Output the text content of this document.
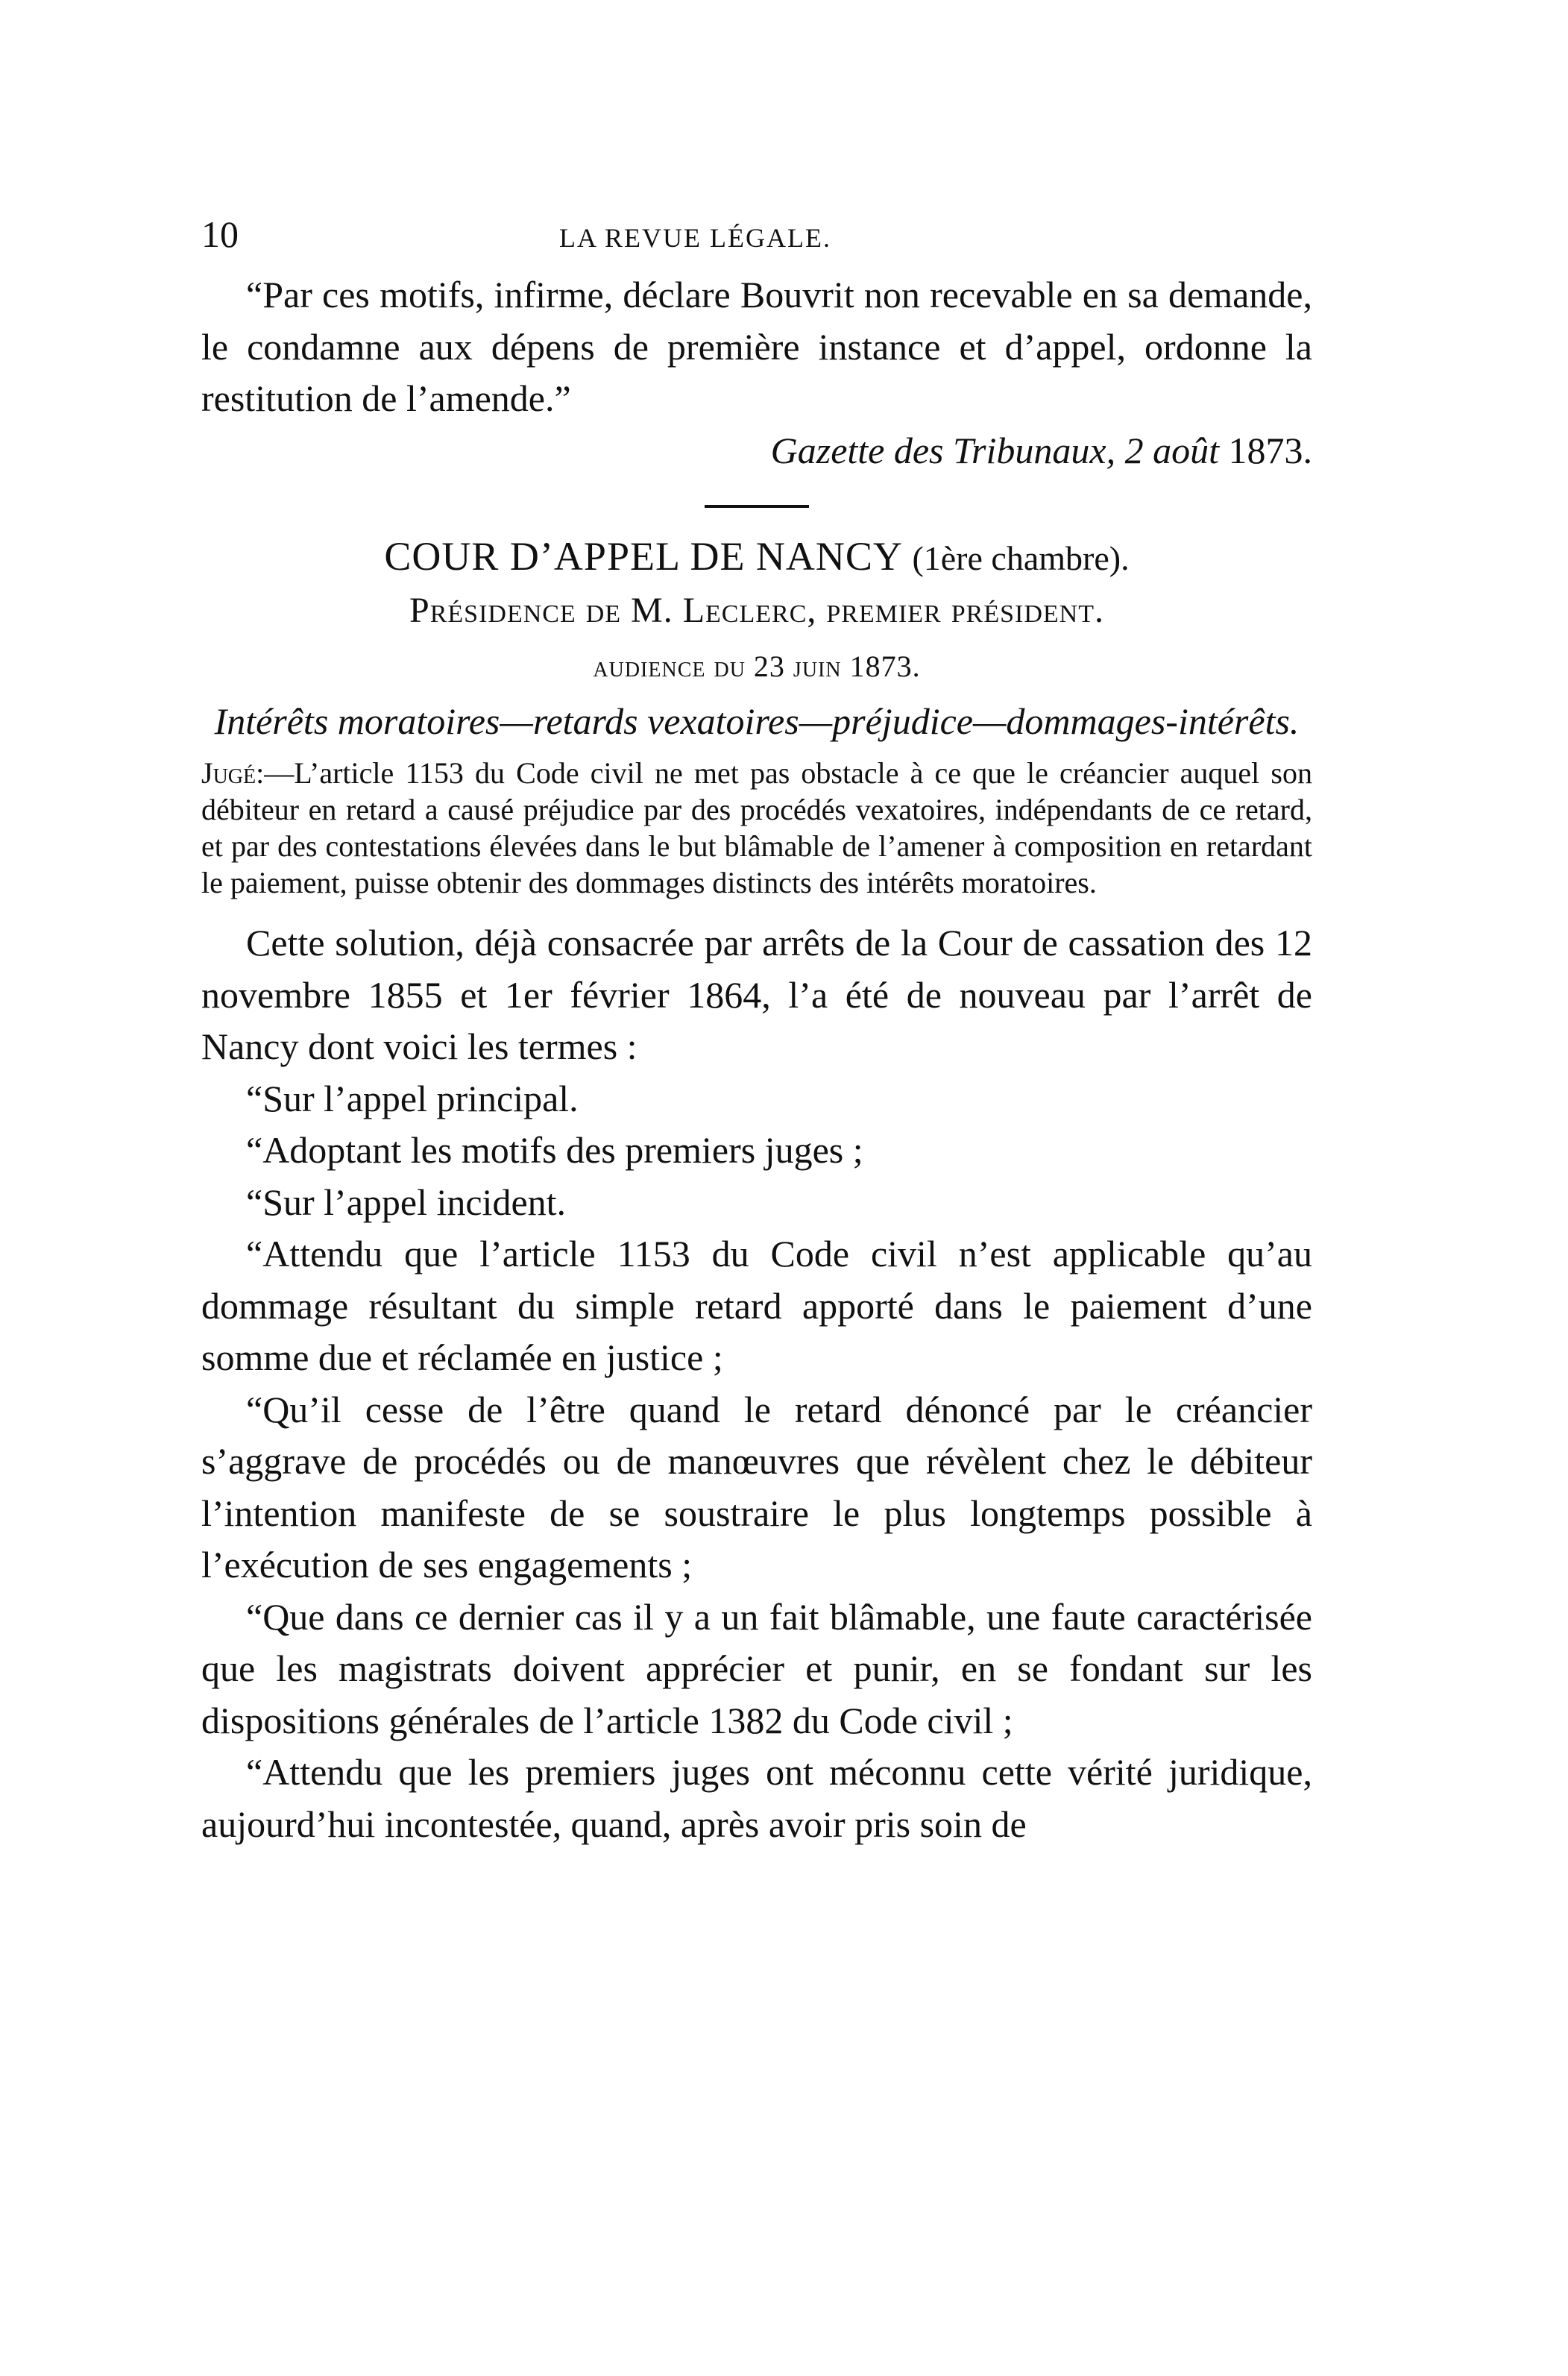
10	LA REVUE LÉGALE.

“Par ces motifs, infirme, déclare Bouvrit non recevable en sa demande, le condamne aux dépens de première instance et d’appel, ordonne la restitution de l’amende.”

Gazette des Tribunaux, 2 août 1873.

COUR D’APPEL DE NANCY (1ère chambre).

Présidence de M. Leclerc, premier président.

audience du 23 juin 1873.

Intérêts moratoires—retards vexatoires—préjudice—dommages-intérêts.

Jugé:—L’article 1153 du Code civil ne met pas obstacle à ce que le créancier auquel son débiteur en retard a causé préjudice par des procédés vexatoires, indépendants de ce retard, et par des contestations élevées dans le but blâmable de l’amener à composition en retardant le paiement, puisse obtenir des dommages distincts des intérêts moratoires.

Cette solution, déjà consacrée par arrêts de la Cour de cassation des 12 novembre 1855 et 1er février 1864, l’a été de nouveau par l’arrêt de Nancy dont voici les termes :

“Sur l’appel principal.

“Adoptant les motifs des premiers juges ;

“Sur l’appel incident.

“Attendu que l’article 1153 du Code civil n’est applicable qu’au dommage résultant du simple retard apporté dans le paiement d’une somme due et réclamée en justice ;

“Qu’il cesse de l’être quand le retard dénoncé par le créancier s’aggrave de procédés ou de manœuvres que révèlent chez le débiteur l’intention manifeste de se soustraire le plus longtemps possible à l’exécution de ses engagements ;

“Que dans ce dernier cas il y a un fait blâmable, une faute caractérisée que les magistrats doivent apprécier et punir, en se fondant sur les dispositions générales de l’article 1382 du Code civil ;

“Attendu que les premiers juges ont méconnu cette vérité juridique, aujourd’hui incontestée, quand, après avoir pris soin de
